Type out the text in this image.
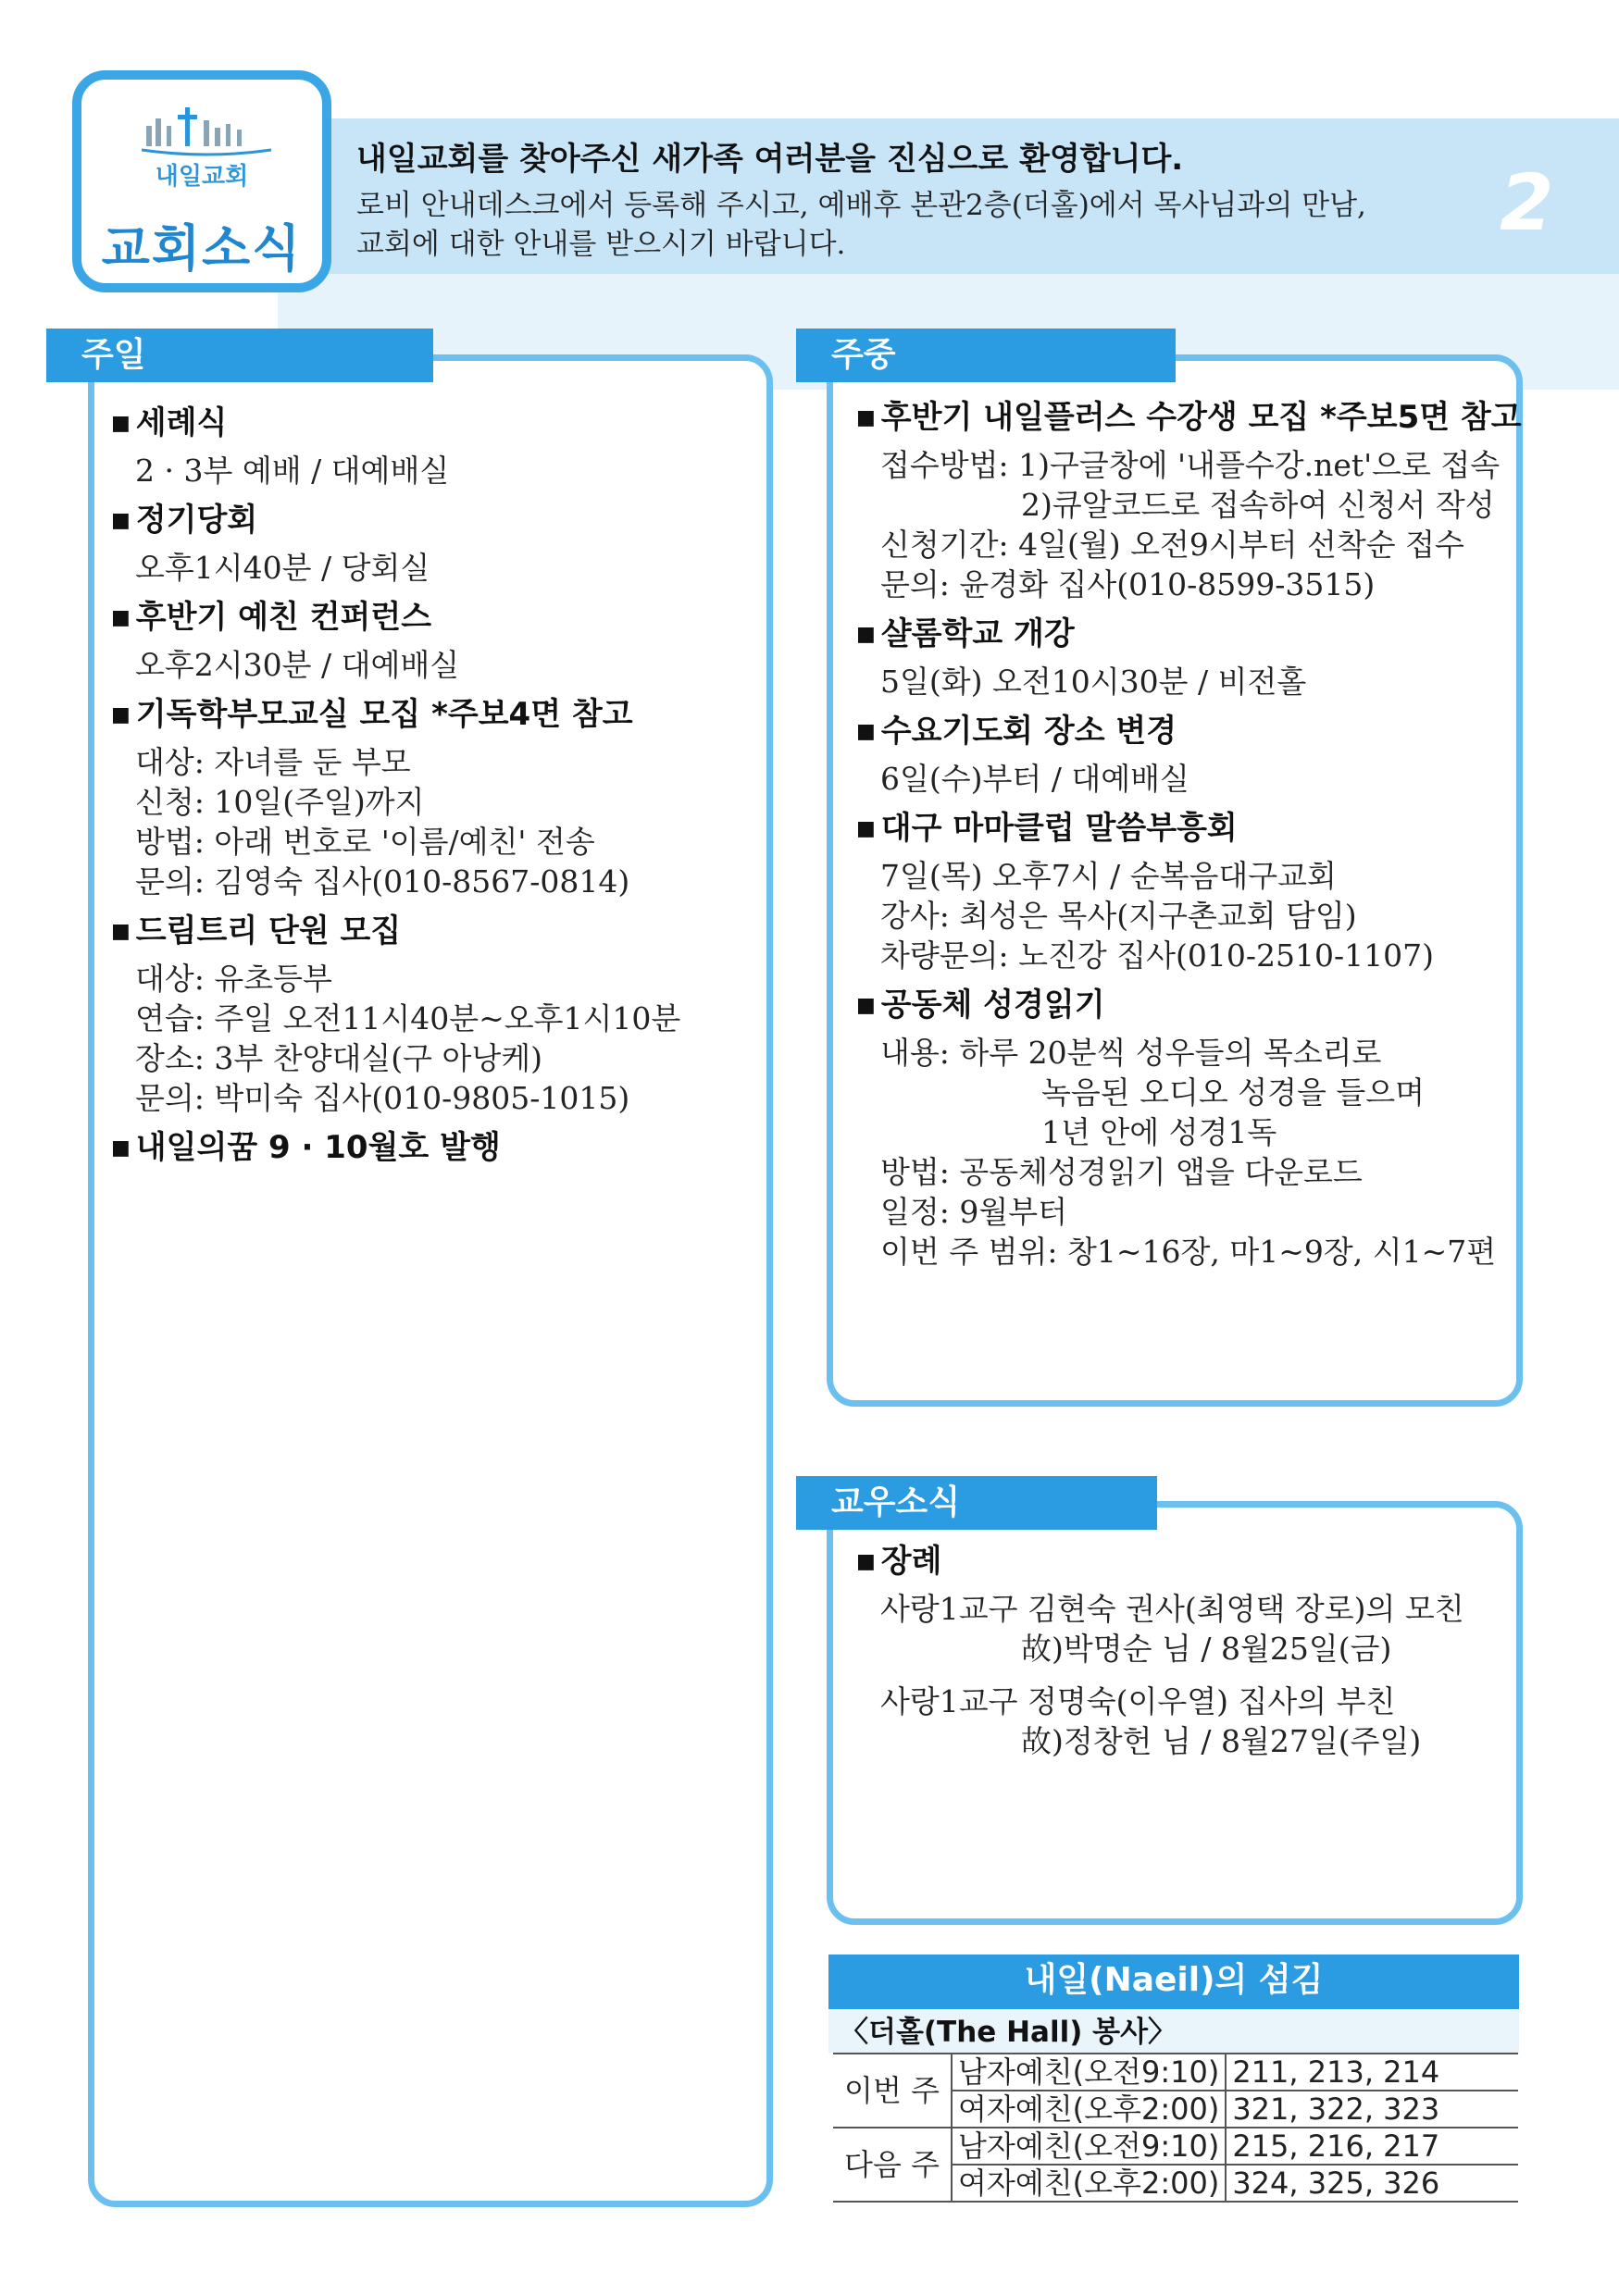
내일교회
교회소식
내일교회를 찾아주신 새가족 여러분을 진심으로 환영합니다.
로비 안내데스크에서 등록해 주시고, 예배후 본관2층(더홀)에서 목사님과의 만남,
교회에 대한 안내를 받으시기 바랍니다.	2
주일
■ 세례식
2 · 3부 예배 / 대예배실
■ 정기당회
오후1시40분 / 당회실
■ 후반기 예친 컨퍼런스
오후2시30분 / 대예배실
■ 기독학부모교실 모집 *주보4면 참고
대상: 자녀를 둔 부모
신청: 10일(주일)까지
방법: 아래 번호로 '이름/예친' 전송
문의: 김영숙 집사(010-8567-0814)
■ 드림트리 단원 모집
대상: 유초등부
연습: 주일 오전11시40분~오후1시10분
장소: 3부 찬양대실(구 아낭케)
문의: 박미숙 집사(010-9805-1015)
■ 내일의꿈 9 · 10월호 발행
주중
■ 후반기 내일플러스 수강생 모집 *주보5면 참고
접수방법: 1)구글창에 '내플수강.net'으로 접속
2)큐알코드로 접속하여 신청서 작성
신청기간: 4일(월) 오전9시부터 선착순 접수
문의: 윤경화 집사(010-8599-3515)
■ 샬롬학교 개강
5일(화) 오전10시30분 / 비전홀
■ 수요기도회 장소 변경
6일(수)부터 / 대예배실
■ 대구 마마클럽 말씀부흥회
7일(목) 오후7시 / 순복음대구교회
강사: 최성은 목사(지구촌교회 담임)
차량문의: 노진강 집사(010-2510-1107)
■ 공동체 성경읽기
내용: 하루 20분씩 성우들의 목소리로
녹음된 오디오 성경을 들으며
1년 안에 성경1독
방법: 공동체성경읽기 앱을 다운로드
일정: 9월부터
이번 주 범위: 창1~16장, 마1~9장, 시1~7편
교우소식
■ 장례
사랑1교구 김현숙 권사(최영택 장로)의 모친
故)박명순 님 / 8월25일(금)
사랑1교구 정명숙(이우열) 집사의 부친
故)정창헌 님 / 8월27일(주일)
내일(Naeil)의 섬김
〈더홀(The Hall) 봉사〉
이번 주	남자예친(오전9:10)	211, 213, 214
	여자예친(오후2:00)	321, 322, 323
다음 주	남자예친(오전9:10)	215, 216, 217
	여자예친(오후2:00)	324, 325, 326
